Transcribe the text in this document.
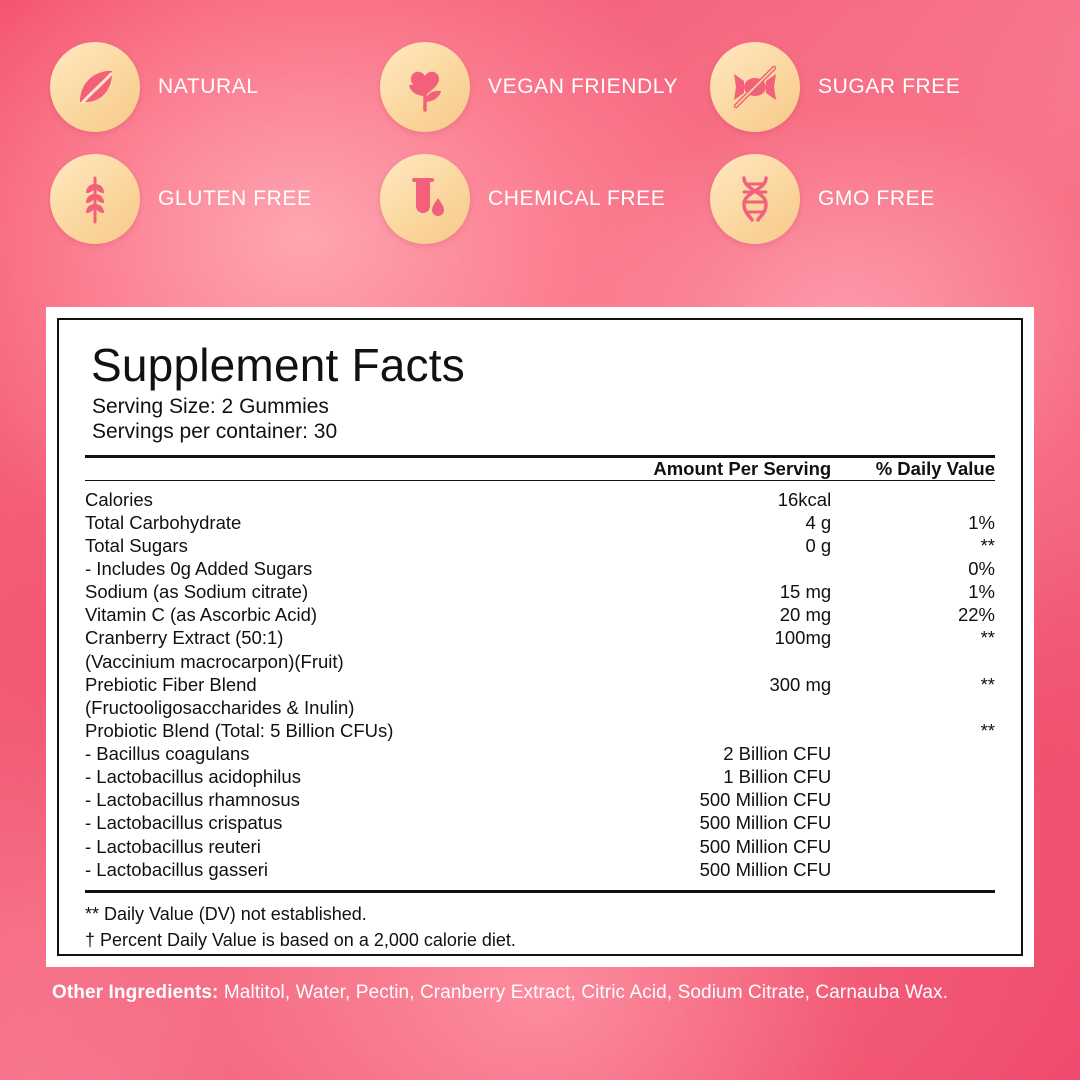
NATURAL	VEGAN FRIENDLY	SUGAR FREE
GLUTEN FREE	CHEMICAL FREE	GMO FREE
Supplement Facts
Serving Size: 2 Gummies
Servings per container: 30
	Amount Per Serving	% Daily Value
Calories	16kcal	
Total Carbohydrate	4 g	1%
Total Sugars	0 g	**
- Includes 0g Added Sugars		0%
Sodium (as Sodium citrate)	15 mg	1%
Vitamin C (as Ascorbic Acid)	20 mg	22%
Cranberry Extract (50:1)	100mg	**
(Vaccinium macrocarpon)(Fruit)		
Prebiotic Fiber Blend	300 mg	**
(Fructooligosaccharides & Inulin)		
Probiotic Blend (Total: 5 Billion CFUs)		**
- Bacillus coagulans	2 Billion CFU	
- Lactobacillus acidophilus	1 Billion CFU	
- Lactobacillus rhamnosus	500 Million CFU	
- Lactobacillus crispatus	500 Million CFU	
- Lactobacillus reuteri	500 Million CFU	
- Lactobacillus gasseri	500 Million CFU	
** Daily Value (DV) not established.
† Percent Daily Value is based on a 2,000 calorie diet.
Other Ingredients: Maltitol, Water, Pectin, Cranberry Extract, Citric Acid, Sodium Citrate, Carnauba Wax.
